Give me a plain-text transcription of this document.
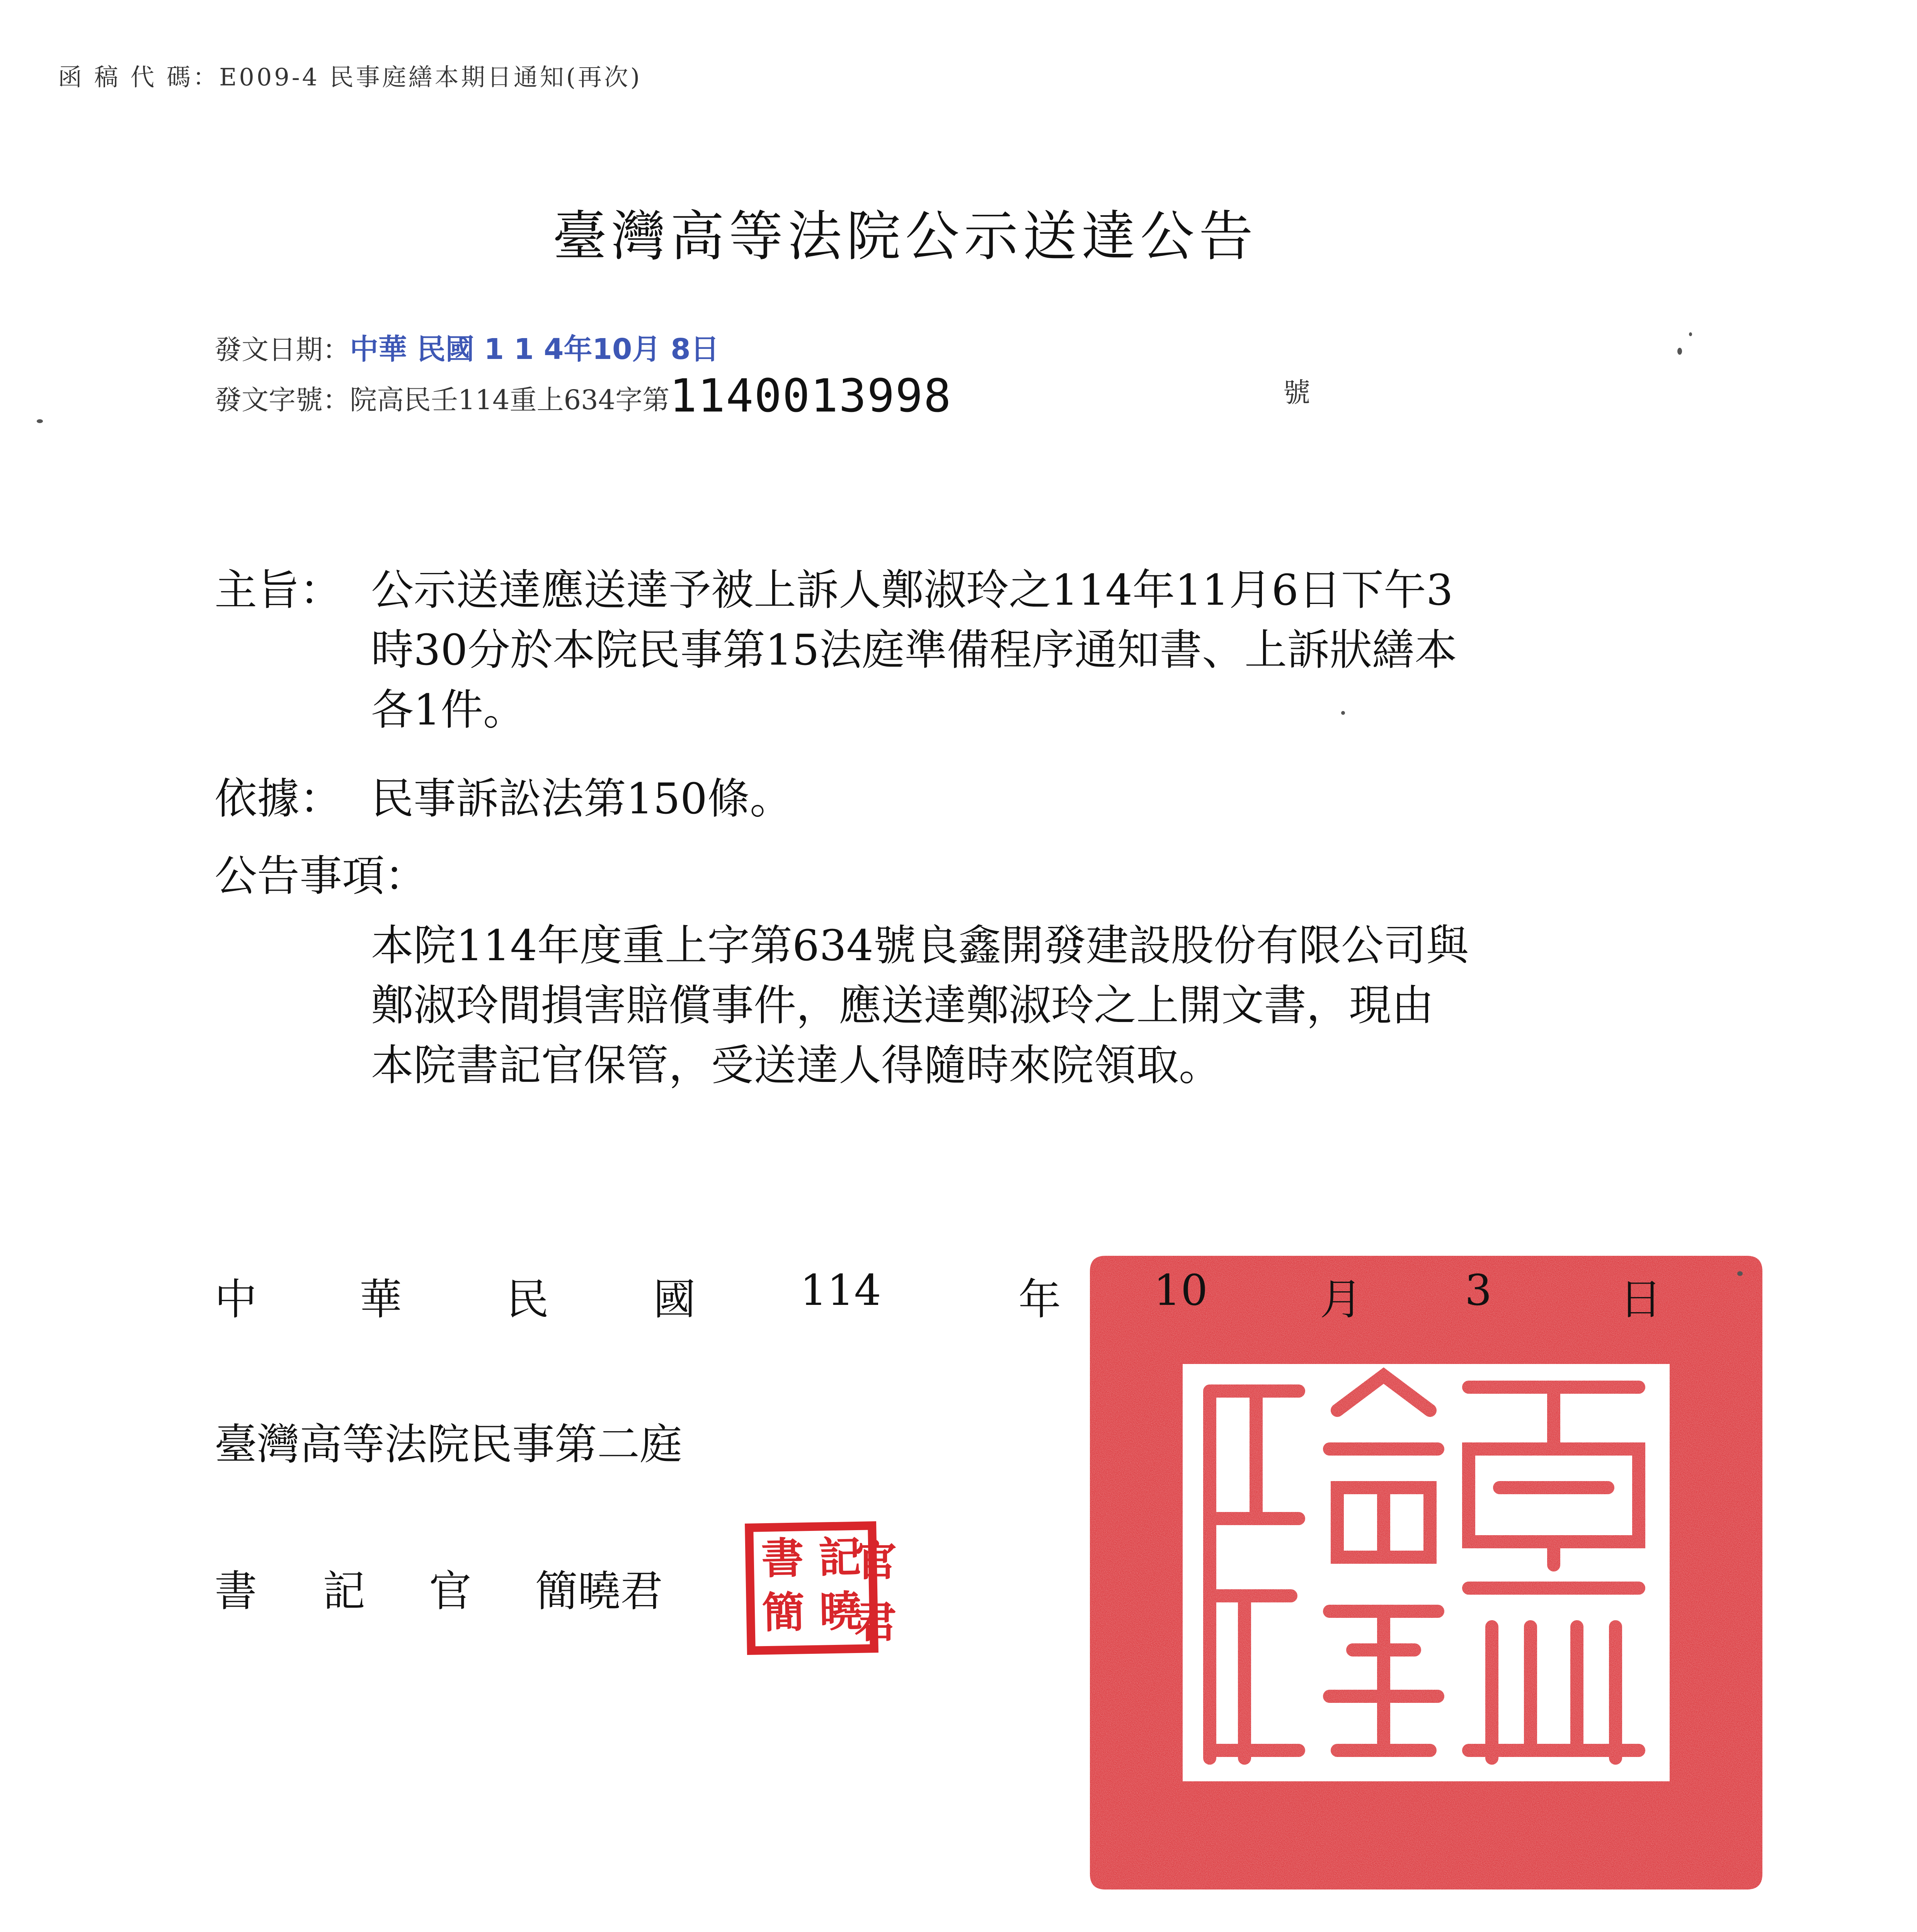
函 稿 代 碼：E009-4 民事庭繕本期日通知(再次)
臺灣高等法院公示送達公告
發文日期：中華 民國 1 1 4年10月 8日
發文字號：院高民壬114重上634字第1140013998	號
主旨： 公示送達應送達予被上訴人鄭淑玲之114年11月6日下午3
時30分於本院民事第15法庭準備程序通知書、上訴狀繕本
各1件。
依據： 民事訴訟法第150條。
公告事項：
本院114年度重上字第634號良鑫開發建設股份有限公司與
鄭淑玲間損害賠償事件，應送達鄭淑玲之上開文書，現由
本院書記官保管，受送達人得隨時來院領取。
中 華 民 國 114	年 10	月 3	日
臺灣高等法院民事第二庭
書 記 官 簡曉君
書
簡
記
曉
官
君
